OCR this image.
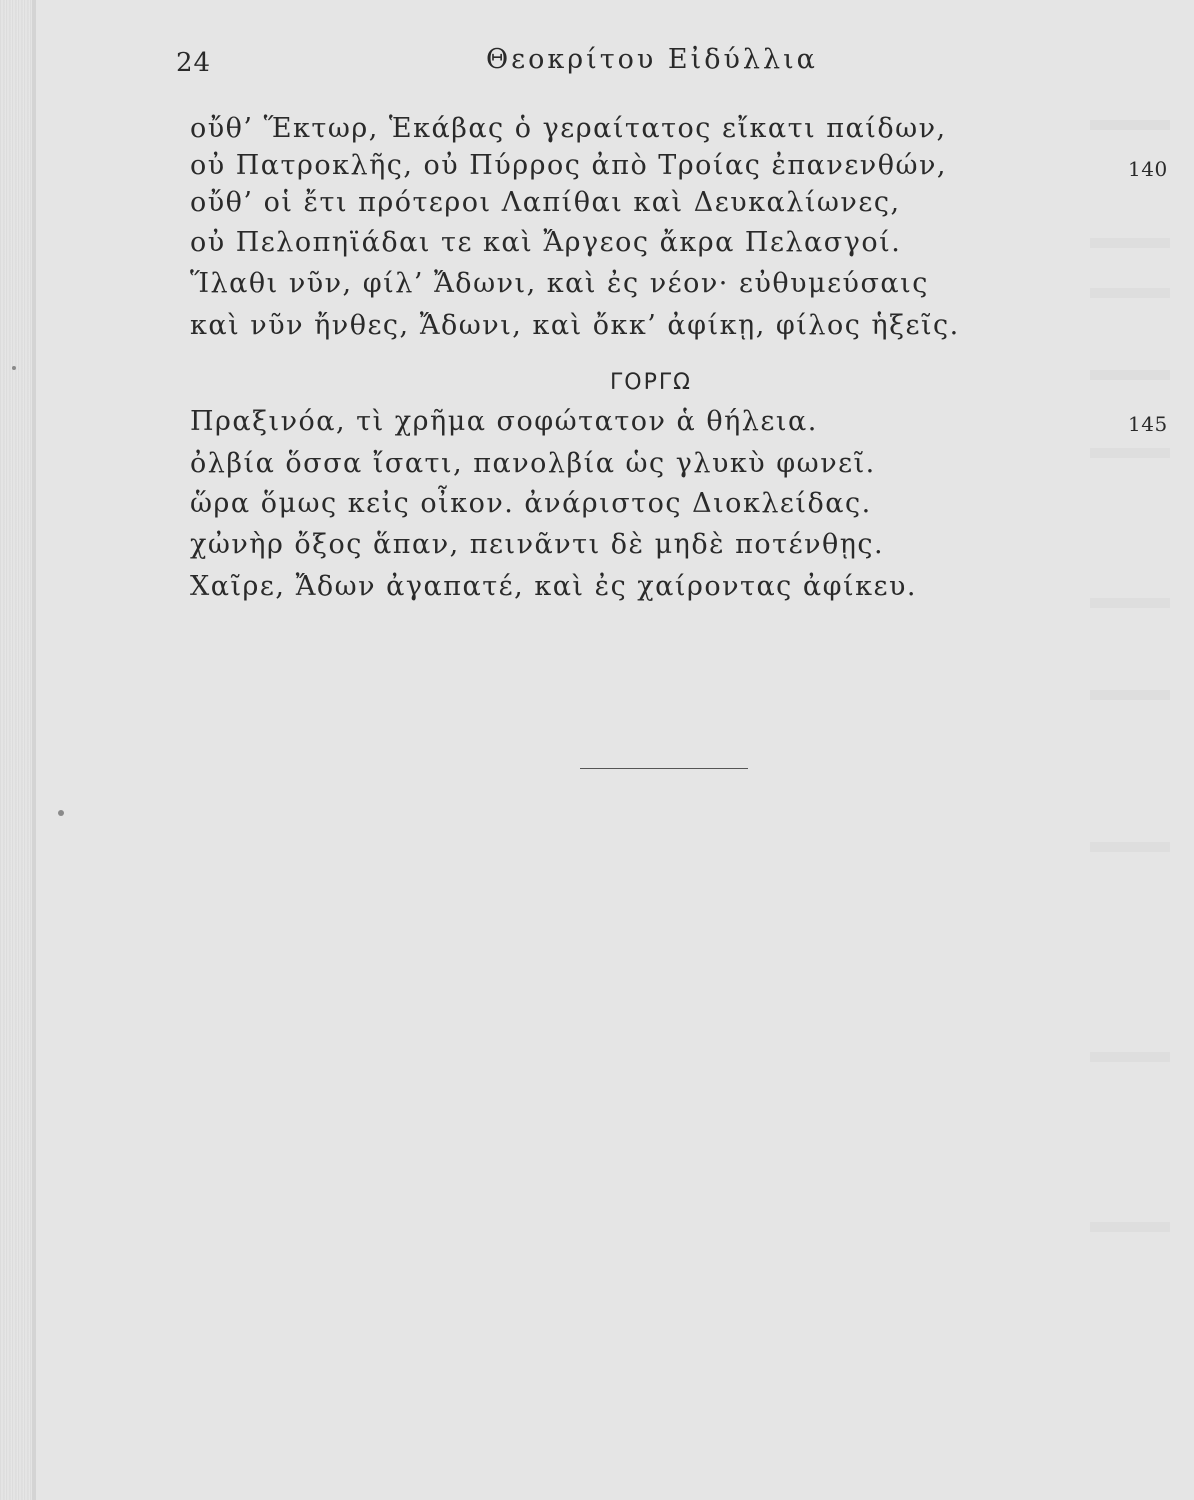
24	Θεοκρίτου Εἰδύλλια
οὔθ’ Ἕκτωρ, Ἑκάβας ὁ γεραίτατος εἴκατι παίδων,
οὐ Πατροκλῆς, οὐ Πύρρος ἀπὸ Τροίας ἐπανενθών,	140
οὔθ’ οἱ ἔτι πρότεροι Λαπίθαι καὶ Δευκαλίωνες,
οὐ Πελοπηϊάδαι τε καὶ Ἄργεος ἄκρα Πελασγοί.
Ἵλαθι νῦν, φίλ’ Ἄδωνι, καὶ ἐς νέον· εὐθυμεύσαις
καὶ νῦν ἤνθες, Ἄδωνι, καὶ ὄκκ’ ἀφίκῃ, φίλος ἡξεῖς.
ΓΟΡΓΩ
Πραξινόα, τὶ χρῆμα σοφώτατον ἁ θήλεια.	145
ὀλβία ὅσσα ἴσατι, πανολβία ὡς γλυκὺ φωνεῖ.
ὥρα ὅμως κεἰς οἶκον. ἀνάριστος Διοκλείδας.
χὠνὴρ ὄξος ἅπαν, πεινᾶντι δὲ μηδὲ ποτένθῃς.
Χαῖρε, Ἄδων ἀγαπατέ, καὶ ἐς χαίροντας ἀφίκευ.
